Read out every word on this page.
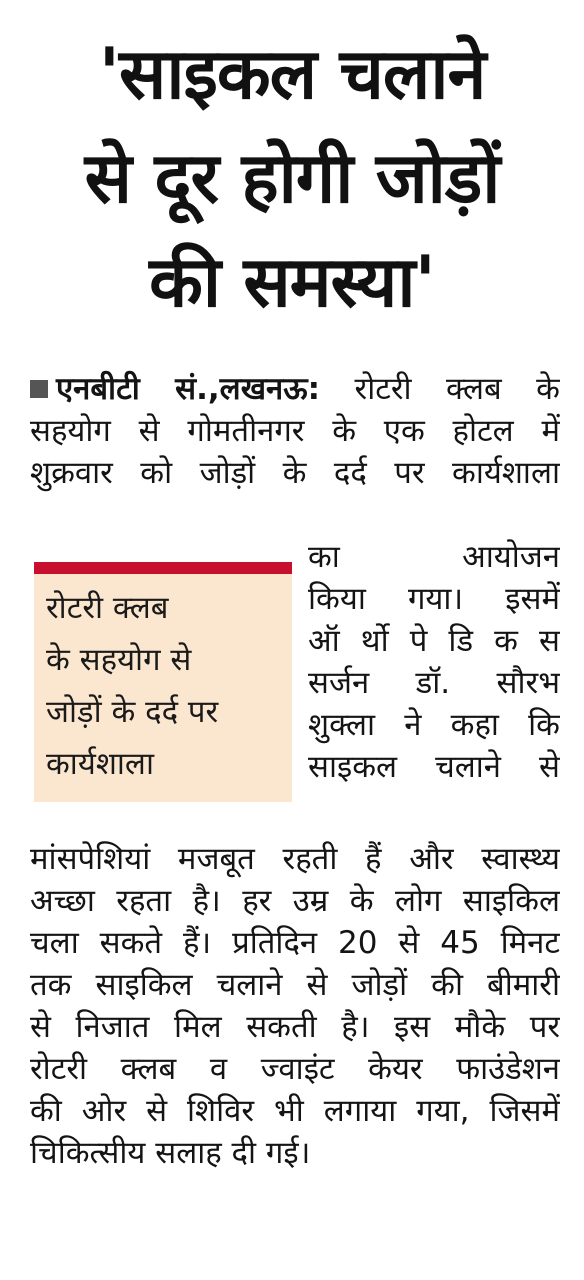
'साइकल चलाने
से दूर होगी जोड़ों
की समस्या'
एनबीटी सं.,लखनऊ: रोटरी क्लब के
सहयोग से गोमतीनगर के एक होटल में
शुक्रवार को जोड़ों के दर्द पर कार्यशाला
रोटरी क्लब
के सहयोग से
जोड़ों के दर्द पर
कार्यशाला
का आयोजन
किया गया। इसमें
ऑ र्थो पे डि क स
सर्जन डॉ. सौरभ
शुक्ला ने कहा कि
साइकल चलाने से
मांसपेशियां मजबूत रहती हैं और स्वास्थ्य
अच्छा रहता है। हर उम्र के लोग साइकिल
चला सकते हैं। प्रतिदिन 20 से 45 मिनट
तक साइकिल चलाने से जोड़ों की बीमारी
से निजात मिल सकती है। इस मौके पर
रोटरी क्लब व ज्वाइंट केयर फाउंडेशन
की ओर से शिविर भी लगाया गया, जिसमें
चिकित्सीय सलाह दी गई।
